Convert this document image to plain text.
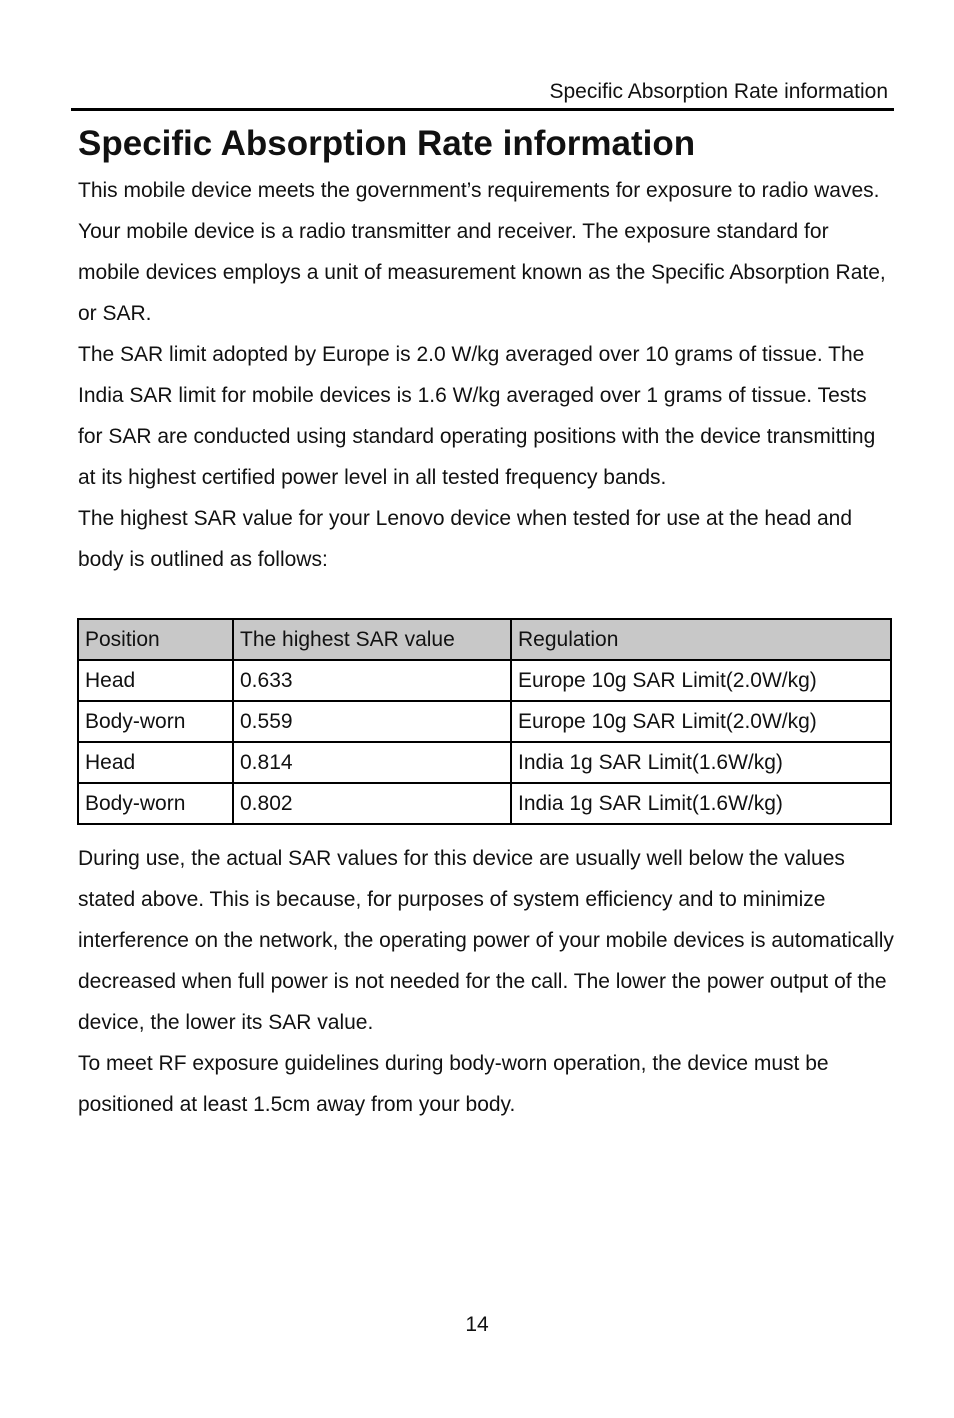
Specific Absorption Rate information
Specific Absorption Rate information

This mobile device meets the government’s requirements for exposure to radio waves. Your mobile device is a radio transmitter and receiver. The exposure standard for mobile devices employs a unit of measurement known as the Specific Absorption Rate, or SAR.

The SAR limit adopted by Europe is 2.0 W/kg averaged over 10 grams of tissue. The India SAR limit for mobile devices is 1.6 W/kg averaged over 1 grams of tissue. Tests for SAR are conducted using standard operating positions with the device transmitting at its highest certified power level in all tested frequency bands.

The highest SAR value for your Lenovo device when tested for use at the head and body is outlined as follows:

Position	The highest SAR value	Regulation
Head	0.633	Europe 10g SAR Limit(2.0W/kg)
Body-worn	0.559	Europe 10g SAR Limit(2.0W/kg)
Head	0.814	India 1g SAR Limit(1.6W/kg)
Body-worn	0.802	India 1g SAR Limit(1.6W/kg)

During use, the actual SAR values for this device are usually well below the values stated above. This is because, for purposes of system efficiency and to minimize interference on the network, the operating power of your mobile devices is automatically decreased when full power is not needed for the call. The lower the power output of the device, the lower its SAR value.

To meet RF exposure guidelines during body-worn operation, the device must be positioned at least 1.5cm away from your body.

14
